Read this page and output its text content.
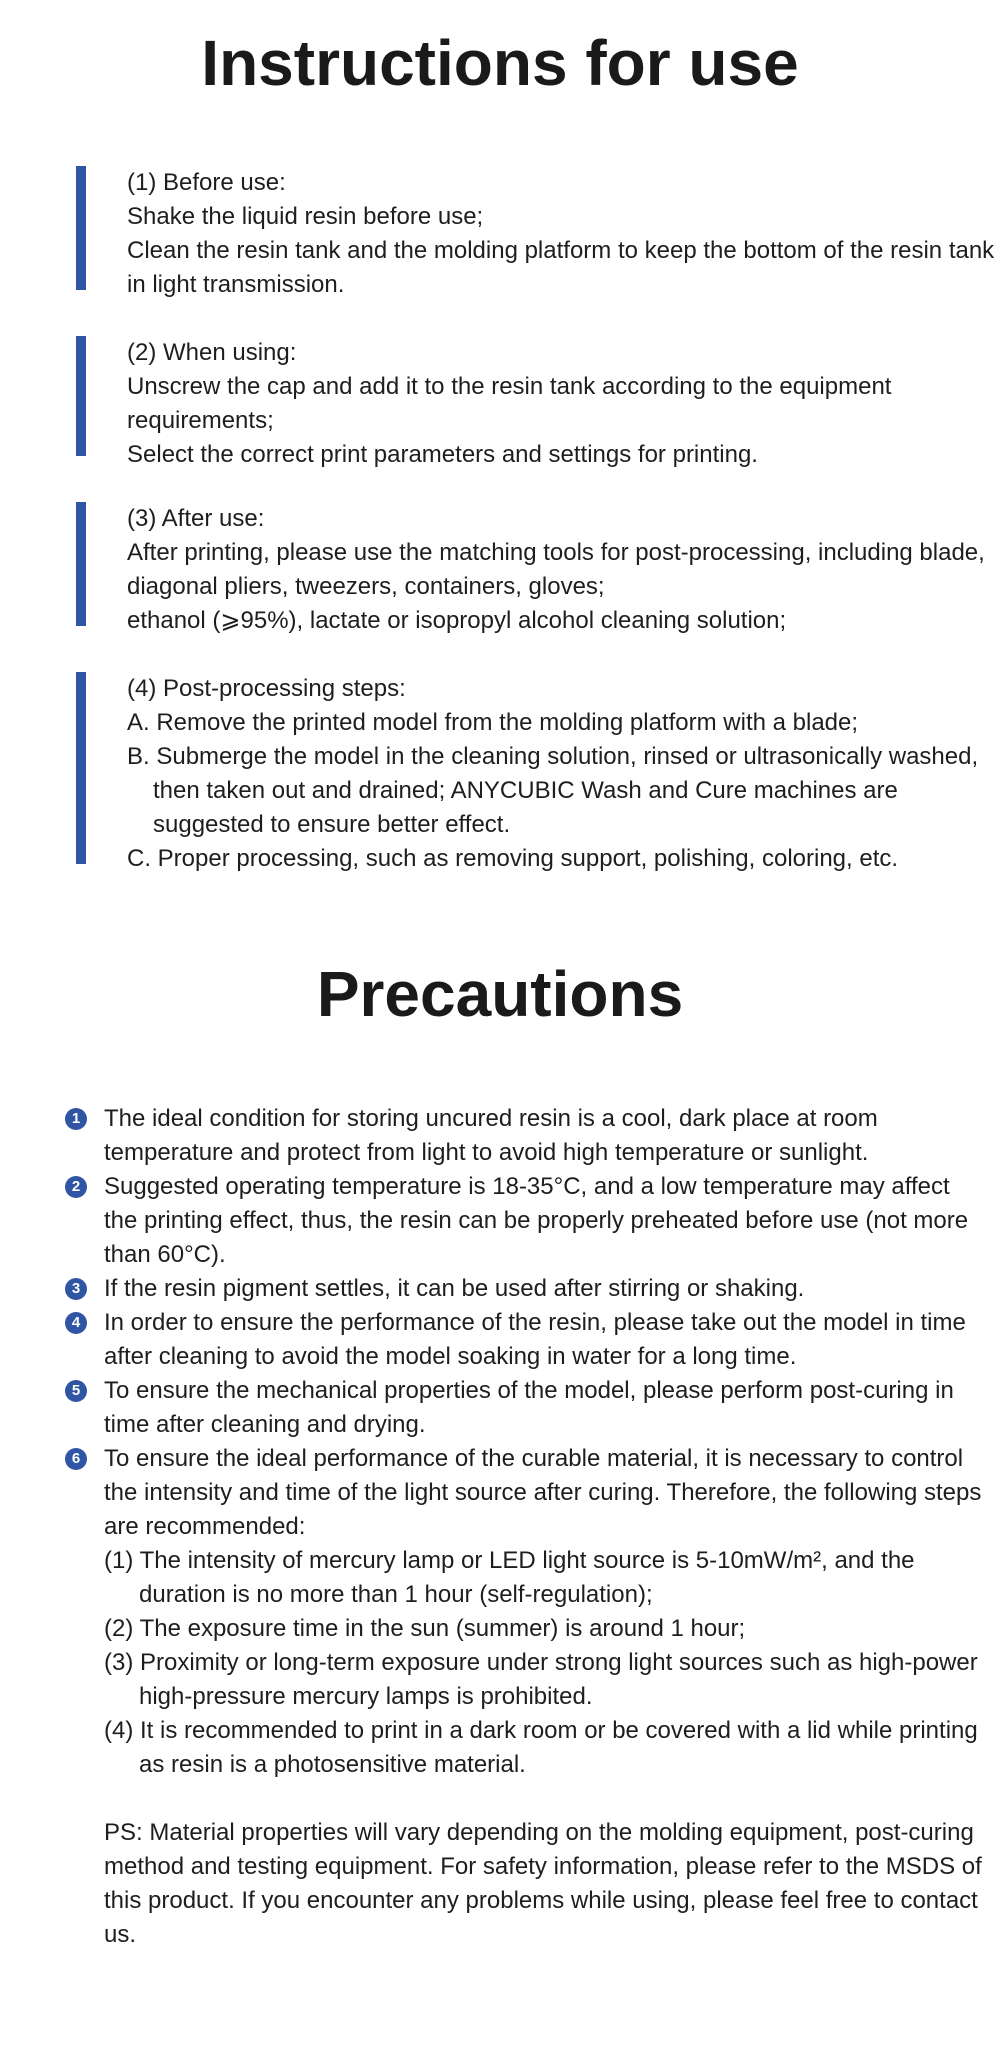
Instructions for use
(1) Before use:
Shake the liquid resin before use;
Clean the resin tank and the molding platform to keep the bottom of the resin tank in light transmission.
(2) When using:
Unscrew the cap and add it to the resin tank according to the equipment requirements;
Select the correct print parameters and settings for printing.
(3) After use:
After printing, please use the matching tools for post-processing, including blade, diagonal pliers, tweezers, containers, gloves;
ethanol (⩾95%), lactate or isopropyl alcohol cleaning solution;
(4) Post-processing steps:
A. Remove the printed model from the molding platform with a blade;
B. Submerge the model in the cleaning solution, rinsed or ultrasonically washed, then taken out and drained; ANYCUBIC Wash and Cure machines are suggested to ensure better effect.
C. Proper processing, such as removing support, polishing, coloring, etc.
Precautions
1 The ideal condition for storing uncured resin is a cool, dark place at room temperature and protect from light to avoid high temperature or sunlight.
2 Suggested operating temperature is 18-35°C, and a low temperature may affect the printing effect, thus, the resin can be properly preheated before use (not more than 60°C).
3 If the resin pigment settles, it can be used after stirring or shaking.
4 In order to ensure the performance of the resin, please take out the model in time after cleaning to avoid the model soaking in water for a long time.
5 To ensure the mechanical properties of the model, please perform post-curing in time after cleaning and drying.
6 To ensure the ideal performance of the curable material, it is necessary to control the intensity and time of the light source after curing. Therefore, the following steps are recommended:
(1) The intensity of mercury lamp or LED light source is 5-10mW/m², and the duration is no more than 1 hour (self-regulation);
(2) The exposure time in the sun (summer) is around 1 hour;
(3) Proximity or long-term exposure under strong light sources such as high-power high-pressure mercury lamps is prohibited.
(4) It is recommended to print in a dark room or be covered with a lid while printing as resin is a photosensitive material.
PS: Material properties will vary depending on the molding equipment, post-curing method and testing equipment. For safety information, please refer to the MSDS of this product. If you encounter any problems while using, please feel free to contact us.
